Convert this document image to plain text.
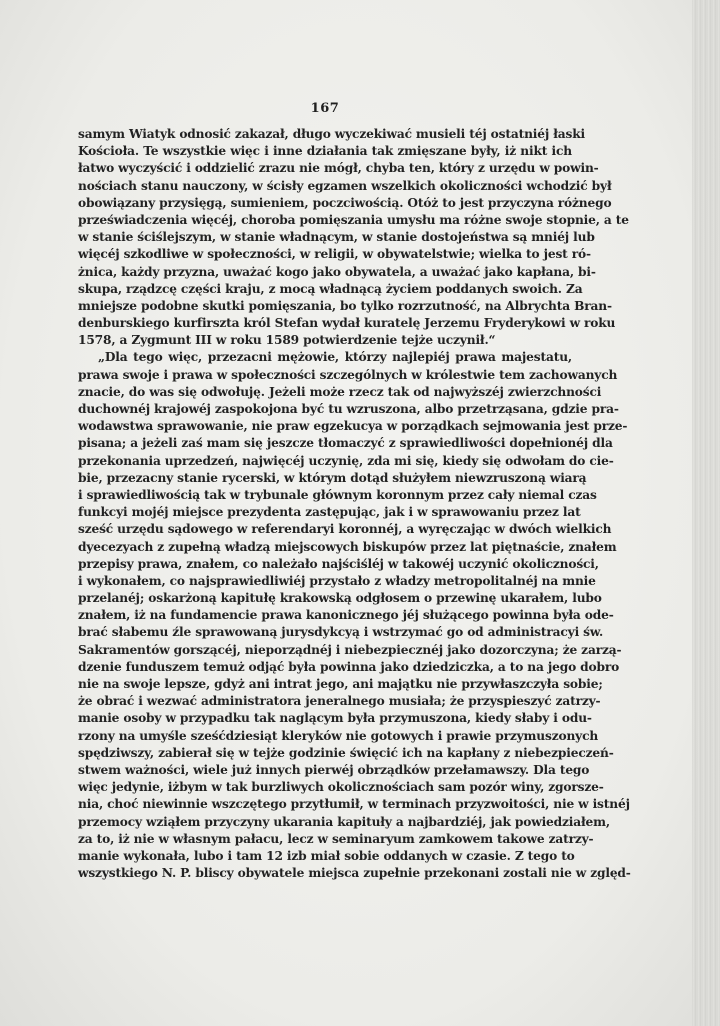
167
samym Wiatyk odnosić zakazał, długo wyczekiwać musieli téj ostatniéj łaski
Kościoła. Te wszystkie więc i inne działania tak zmięszane były, iż nikt ich
łatwo wyczyścić i oddzielić zrazu nie mógł, chyba ten, który z urzędu w powin-
nościach stanu nauczony, w ścisły egzamen wszelkich okoliczności wchodzić był
obowiązany przysięgą, sumieniem, poczciwością. Otóż to jest przyczyna różnego
przeświadczenia więcéj, choroba pomięszania umysłu ma różne swoje stopnie, a te
w stanie ściślejszym, w stanie władnącym, w stanie dostojeństwa są mniéj lub
więcéj szkodliwe w społeczności, w religii, w obywatelstwie; wielka to jest ró-
żnica, każdy przyzna, uważać kogo jako obywatela, a uważać jako kapłana, bi-
skupa, rządzcę części kraju, z mocą władnącą życiem poddanych swoich. Za
mniejsze podobne skutki pomięszania, bo tylko rozrzutność, na Albrychta Bran-
denburskiego kurfirszta król Stefan wydał kuratelę Jerzemu Fryderykowi w roku
1578, a Zygmunt III w roku 1589 potwierdzenie tejże uczynił.“
„Dla tego więc, przezacni mężowie, którzy najlepiéj prawa majestatu,
prawa swoje i prawa w społeczności szczególnych w królestwie tem zachowanych
znacie, do was się odwołuję. Jeżeli może rzecz tak od najwyższéj zwierzchności
duchownéj krajowéj zaspokojona być tu wzruszona, albo przetrząsana, gdzie pra-
wodawstwa sprawowanie, nie praw egzekucya w porządkach sejmowania jest prze-
pisana; a jeżeli zaś mam się jeszcze tłomaczyć z sprawiedliwości dopełnionéj dla
przekonania uprzedzeń, najwięcéj uczynię, zda mi się, kiedy się odwołam do cie-
bie, przezacny stanie rycerski, w którym dotąd służyłem niewzruszoną wiarą
i sprawiedliwością tak w trybunale głównym koronnym przez cały niemal czas
funkcyi mojéj miejsce prezydenta zastępując, jak i w sprawowaniu przez lat
sześć urzędu sądowego w referendaryi koronnéj, a wyręczając w dwóch wielkich
dyecezyach z zupełną władzą miejscowych biskupów przez lat piętnaście, znałem
przepisy prawa, znałem, co należało najściśléj w takowéj uczynić okoliczności,
i wykonałem, co najsprawiedliwiéj przystało z władzy metropolitalnéj na mnie
przelanéj; oskarżoną kapitułę krakowską odgłosem o przewinę ukarałem, lubo
znałem, iż na fundamencie prawa kanonicznego jéj służącego powinna była ode-
brać słabemu źle sprawowaną jurysdykcyą i wstrzymać go od administracyi św.
Sakramentów gorszącéj, nieporządnéj i niebezpiecznéj jako dozorczyna; że zarzą-
dzenie funduszem temuż odjąć była powinna jako dziedziczka, a to na jego dobro
nie na swoje lepsze, gdyż ani intrat jego, ani majątku nie przywłaszczyła sobie;
że obrać i wezwać administratora jeneralnego musiała; że przyspieszyć zatrzy-
manie osoby w przypadku tak naglącym była przymuszona, kiedy słaby i odu-
rzony na umyśle sześćdziesiąt kleryków nie gotowych i prawie przymuszonych
spędziwszy, zabierał się w tejże godzinie święcić ich na kapłany z niebezpieczeń-
stwem ważności, wiele już innych pierwéj obrządków przełamawszy. Dla tego
więc jedynie, iżbym w tak burzliwych okolicznościach sam pozór winy, zgorsze-
nia, choć niewinnie wszczętego przytłumił, w terminach przyzwoitości, nie w istnéj
przemocy wziąłem przyczyny ukarania kapituły a najbardziéj, jak powiedziałem,
za to, iż nie w własnym pałacu, lecz w seminaryum zamkowem takowe zatrzy-
manie wykonała, lubo i tam 12 izb miał sobie oddanych w czasie. Z tego to
wszystkiego N. P. bliscy obywatele miejsca zupełnie przekonani zostali nie w zględ-
